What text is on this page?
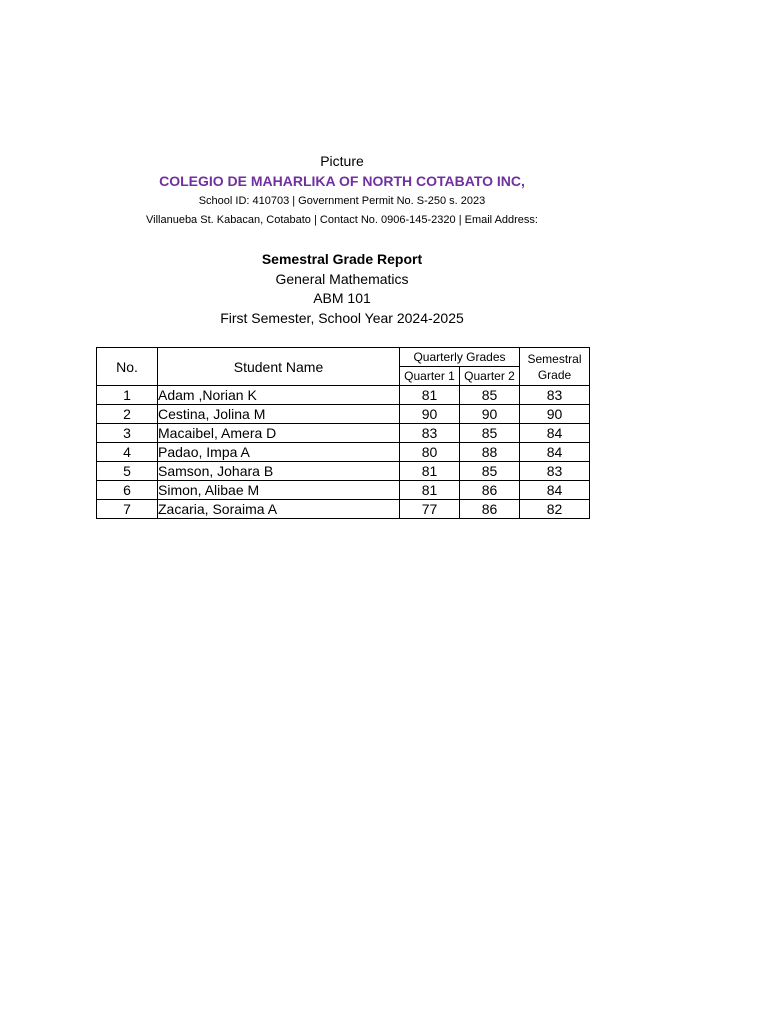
Picture
COLEGIO DE MAHARLIKA OF NORTH COTABATO INC,
School ID: 410703 | Government Permit No. S-250 s. 2023
Villanueba St. Kabacan, Cotabato | Contact No. 0906-145-2320 | Email Address:
Semestral Grade Report
General Mathematics
ABM 101
First Semester, School Year 2024-2025
No.	Student Name	Quarterly Grades		Semestral Grade
		Quarter 1	Quarter 2	
1	Adam ,Norian K	81	85	83
2	Cestina, Jolina M	90	90	90
3	Macaibel, Amera D	83	85	84
4	Padao, Impa A	80	88	84
5	Samson, Johara B	81	85	83
6	Simon, Alibae M	81	86	84
7	Zacaria, Soraima A	77	86	82
